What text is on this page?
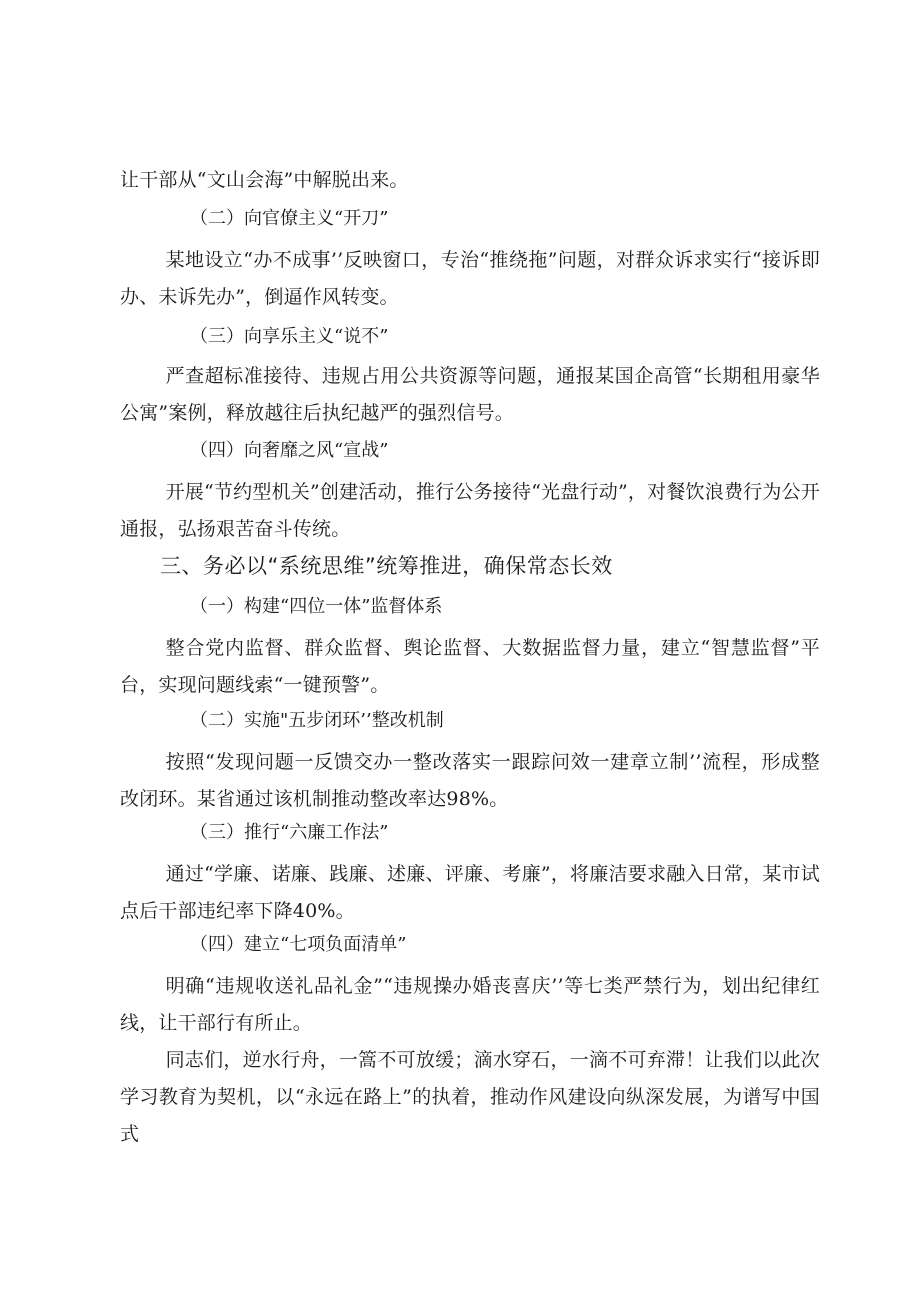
让干部从“文山会海”中解脱出来。
（二）向官僚主义“开刀”
某地设立“办不成事’’反映窗口，专治“推绕拖”问题，对群众诉求实行“接诉即办、未诉先办”，倒逼作风转变。
（三）向享乐主义“说不”
严查超标准接待、违规占用公共资源等问题，通报某国企高管“长期租用豪华公寓”案例，释放越往后执纪越严的强烈信号。
（四）向奢靡之风“宣战”
开展“节约型机关”创建活动，推行公务接待“光盘行动”，对餐饮浪费行为公开通报，弘扬艰苦奋斗传统。
三、务必以“系统思维”统筹推进，确保常态长效
（一）构建“四位一体”监督体系
整合党内监督、群众监督、舆论监督、大数据监督力量，建立“智慧监督”平台，实现问题线索“一键预警”。
（二）实施"五步闭环’’整改机制
按照“发现问题一反馈交办一整改落实一跟踪问效一建章立制’’流程，形成整改闭环。某省通过该机制推动整改率达98%。
（三）推行“六廉工作法”
通过“学廉、诺廉、践廉、述廉、评廉、考廉”，将廉洁要求融入日常，某市试点后干部违纪率下降40%。
（四）建立“七项负面清单”
明确“违规收送礼品礼金”“违规操办婚丧喜庆’’等七类严禁行为，划出纪律红线，让干部行有所止。
同志们，逆水行舟，一篙不可放缓；滴水穿石，一滴不可弃滞！让我们以此次学习教育为契机，以“永远在路上”的执着，推动作风建设向纵深发展，为谱写中国式
